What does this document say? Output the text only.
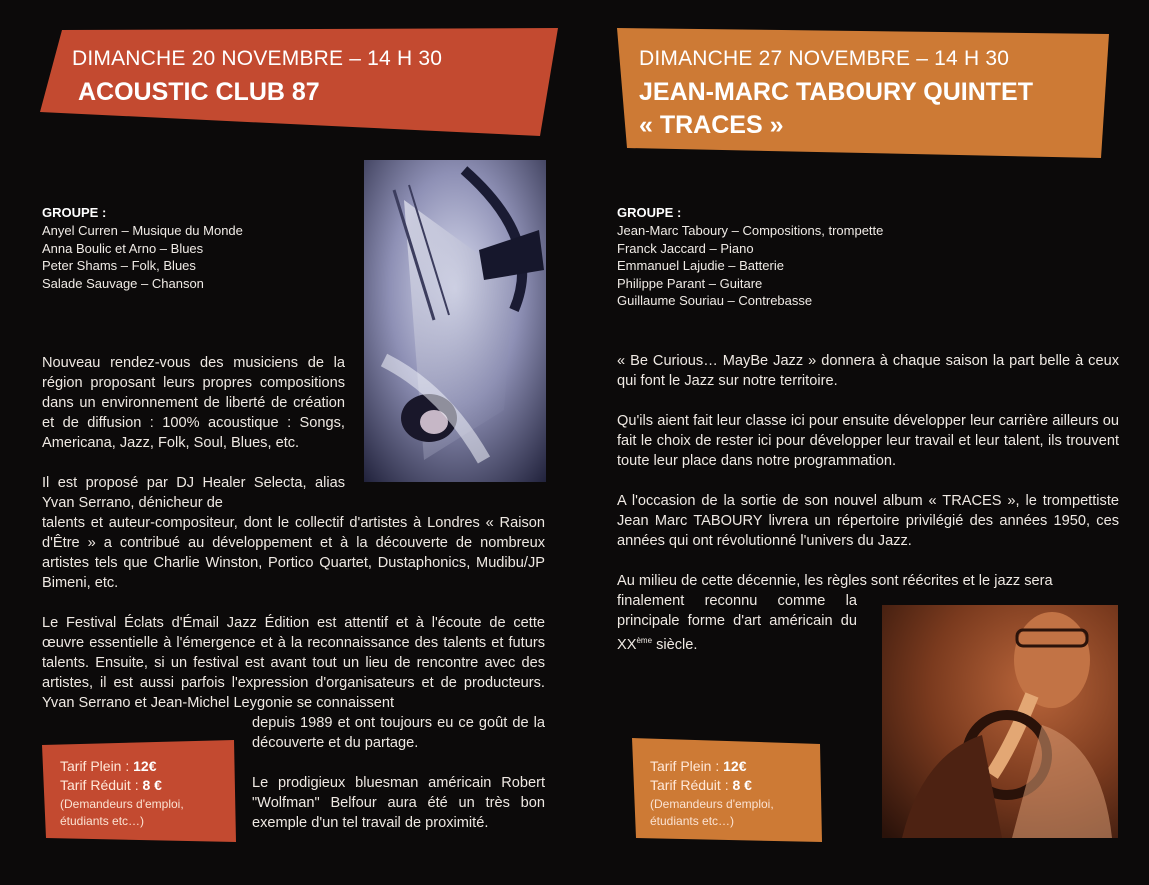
DIMANCHE 20 NOVEMBRE – 14 H 30
ACOUSTIC CLUB 87
GROUPE :
Anyel Curren – Musique du Monde
Anna Boulic et Arno – Blues
Peter Shams – Folk, Blues
Salade Sauvage – Chanson

Nouveau rendez-vous des musiciens de la région proposant leurs propres compositions dans un environnement de liberté de création et de diffusion : 100% acoustique : Songs, Americana, Jazz, Folk, Soul, Blues, etc.

Il est proposé par DJ Healer Selecta, alias Yvan Serrano, dénicheur de

talents et auteur-compositeur, dont le collectif d'artistes à Londres « Raison d'Être » a contribué au développement et à la découverte de nombreux artistes tels que Charlie Winston, Portico Quartet, Dustaphonics, Mudibu/JP Bimeni, etc.

Le Festival Éclats d'Émail Jazz Édition est attentif et à l'écoute de cette œuvre essentielle à l'émergence et à la reconnaissance des talents et futurs talents. Ensuite, si un festival est avant tout un lieu de rencontre avec des artistes, il est aussi parfois l'expression d'organisateurs et de producteurs. Yvan Serrano et Jean-Michel Leygonie se connaissent

depuis 1989 et ont toujours eu ce goût de la découverte et du partage.

Le prodigieux bluesman américain Robert "Wolfman" Belfour aura été un très bon exemple d'un tel travail de proximité.

Tarif Plein : 12€
Tarif Réduit : 8 €
(Demandeurs d'emploi, étudiants etc…)
DIMANCHE 27 NOVEMBRE – 14 H 30
JEAN-MARC TABOURY QUINTET
« TRACES »
GROUPE :
Jean-Marc Taboury – Compositions, trompette
Franck Jaccard – Piano
Emmanuel Lajudie – Batterie
Philippe Parant – Guitare
Guillaume Souriau – Contrebasse

« Be Curious… MayBe Jazz » donnera à chaque saison la part belle à ceux qui font le Jazz sur notre territoire.

Qu'ils aient fait leur classe ici pour ensuite développer leur carrière ailleurs ou fait le choix de rester ici pour développer leur travail et leur talent, ils trouvent toute leur place dans notre programmation.

A l'occasion de la sortie de son nouvel album « TRACES », le trompettiste Jean Marc TABOURY livrera un répertoire privilégié des années 1950, ces années qui ont révolutionné l'univers du Jazz.

Au milieu de cette décennie, les règles sont réécrites et le jazz sera

finalement reconnu comme la principale forme d'art américain du XXème siècle.

Tarif Plein : 12€
Tarif Réduit : 8 €
(Demandeurs d'emploi, étudiants etc…)
